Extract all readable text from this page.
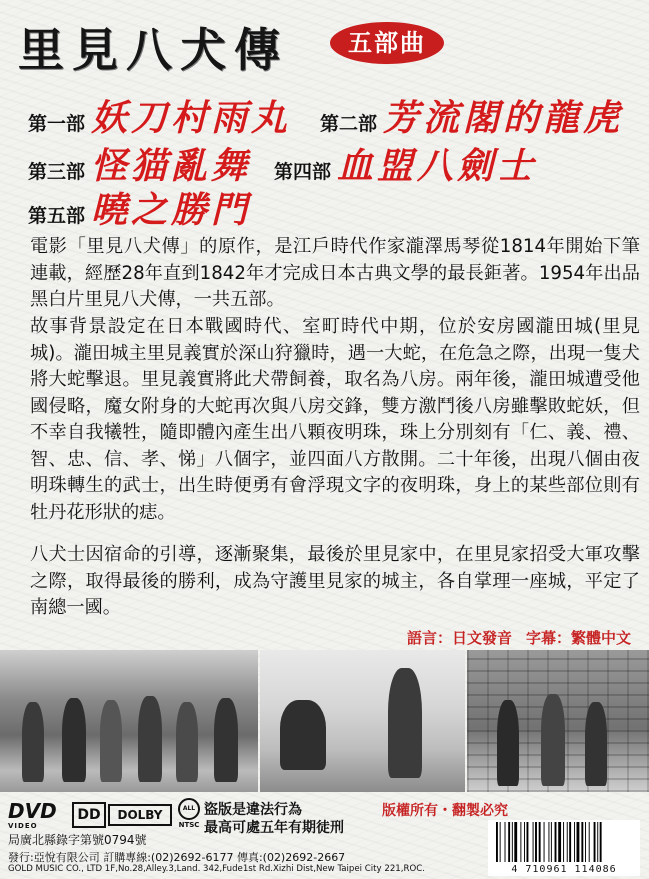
里見八犬傳	五部曲
第一部 妖刀村雨丸 第二部 芳流閣的龍虎
第三部 怪猫亂舞 第四部 血盟八劍士
第五部 曉之勝門

電影「里見八犬傳」的原作，是江戶時代作家瀧澤馬琴從1814年開始下筆連載，經歷28年直到1842年才完成日本古典文學的最長鉅著。1954年出品黑白片里見八犬傳，一共五部。

故事背景設定在日本戰國時代、室町時代中期，位於安房國瀧田城(里見城)。瀧田城主里見義實於深山狩獵時，遇一大蛇，在危急之際，出現一隻犬將大蛇擊退。里見義實將此犬帶飼養，取名為八房。兩年後，瀧田城遭受他國侵略，魔女附身的大蛇再次與八房交鋒，雙方激鬥後八房雖擊敗蛇妖，但不幸自我犧牲，隨即體內產生出八顆夜明珠，珠上分別刻有「仁、義、禮、智、忠、信、孝、悌」八個字，並四面八方散開。二十年後，出現八個由夜明珠轉生的武士，出生時便勇有會浮現文字的夜明珠，身上的某些部位則有牡丹花形狀的痣。

八犬士因宿命的引導，逐漸聚集，最後於里見家中，在里見家招受大軍攻擊之際，取得最後的勝利，成為守護里見家的城主，各自掌理一座城，平定了南總一國。

語言：日文發音 字幕：繁體中文
DVD
VIDEO
DD	DOLBY	ALL
NTSC
盜版是違法行為
最高可處五年有期徒刑
版權所有・翻製必究
局廣北縣錄字第號0794號
發行:亞悅有限公司 訂購專線:(02)2692-6177 傳真:(02)2692-2667
GOLD MUSIC CO., LTD 1F,No.28,Alley.3,Land. 342,Fude1st Rd.Xizhi Dist,New Taipei City 221,ROC.	4 710961 114086
